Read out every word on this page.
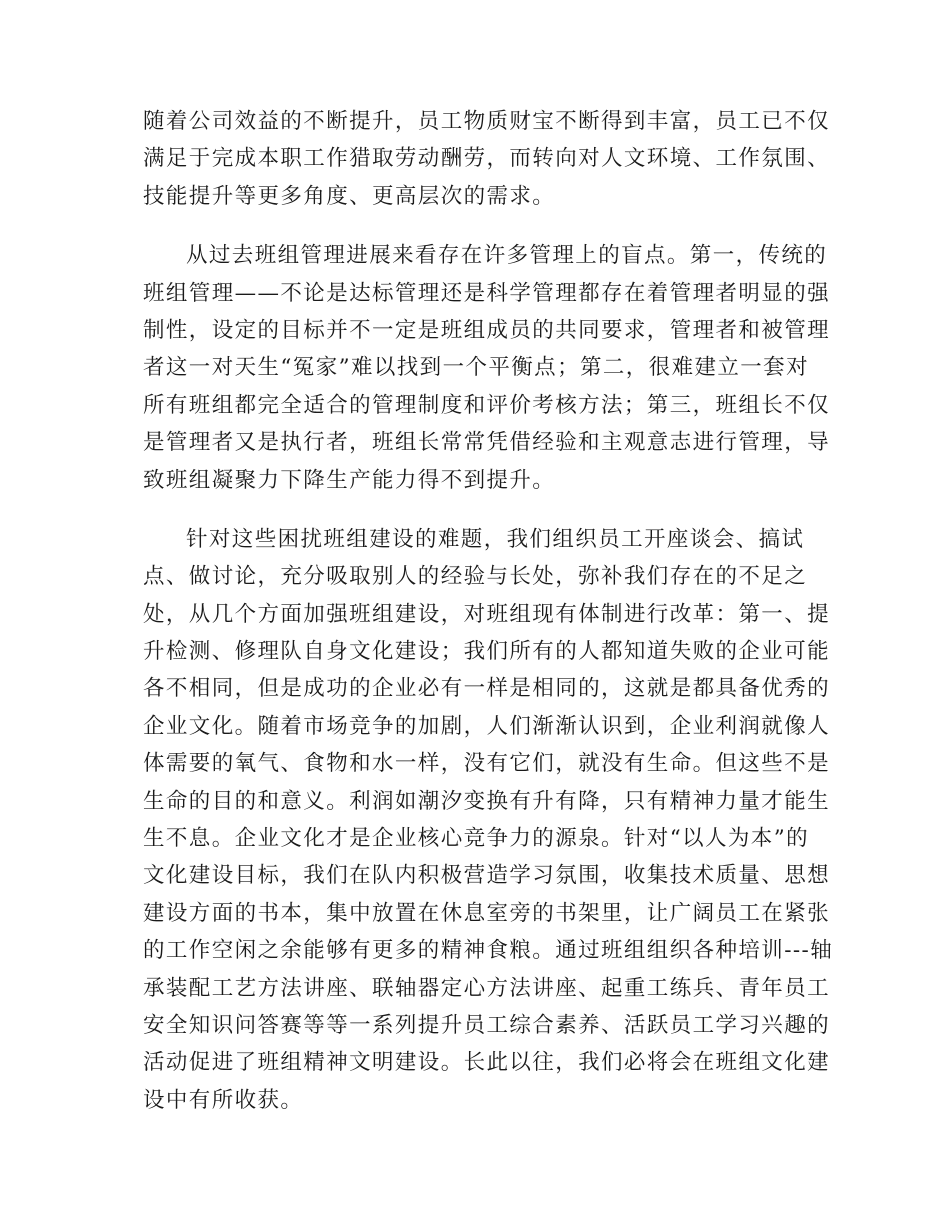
随着公司效益的不断提升，员工物质财宝不断得到丰富，员工已不仅
满足于完成本职工作猎取劳动酬劳，而转向对人文环境、工作氛围、
技能提升等更多角度、更高层次的需求。
从过去班组管理进展来看存在许多管理上的盲点。第一，传统的
班组管理——不论是达标管理还是科学管理都存在着管理者明显的强
制性，设定的目标并不一定是班组成员的共同要求，管理者和被管理
者这一对天生“冤家”难以找到一个平衡点；第二，很难建立一套对
所有班组都完全适合的管理制度和评价考核方法；第三，班组长不仅
是管理者又是执行者，班组长常常凭借经验和主观意志进行管理，导
致班组凝聚力下降生产能力得不到提升。
针对这些困扰班组建设的难题，我们组织员工开座谈会、搞试
点、做讨论，充分吸取别人的经验与长处，弥补我们存在的不足之
处，从几个方面加强班组建设，对班组现有体制进行改革：第一、提
升检测、修理队自身文化建设；我们所有的人都知道失败的企业可能
各不相同，但是成功的企业必有一样是相同的，这就是都具备优秀的
企业文化。随着市场竞争的加剧，人们渐渐认识到，企业利润就像人
体需要的氧气、食物和水一样，没有它们，就没有生命。但这些不是
生命的目的和意义。利润如潮汐变换有升有降，只有精神力量才能生
生不息。企业文化才是企业核心竞争力的源泉。针对“以人为本”的
文化建设目标，我们在队内积极营造学习氛围，收集技术质量、思想
建设方面的书本，集中放置在休息室旁的书架里，让广阔员工在紧张
的工作空闲之余能够有更多的精神食粮。通过班组组织各种培训---轴
承装配工艺方法讲座、联轴器定心方法讲座、起重工练兵、青年员工
安全知识问答赛等等一系列提升员工综合素养、活跃员工学习兴趣的
活动促进了班组精神文明建设。长此以往，我们必将会在班组文化建
设中有所收获。
